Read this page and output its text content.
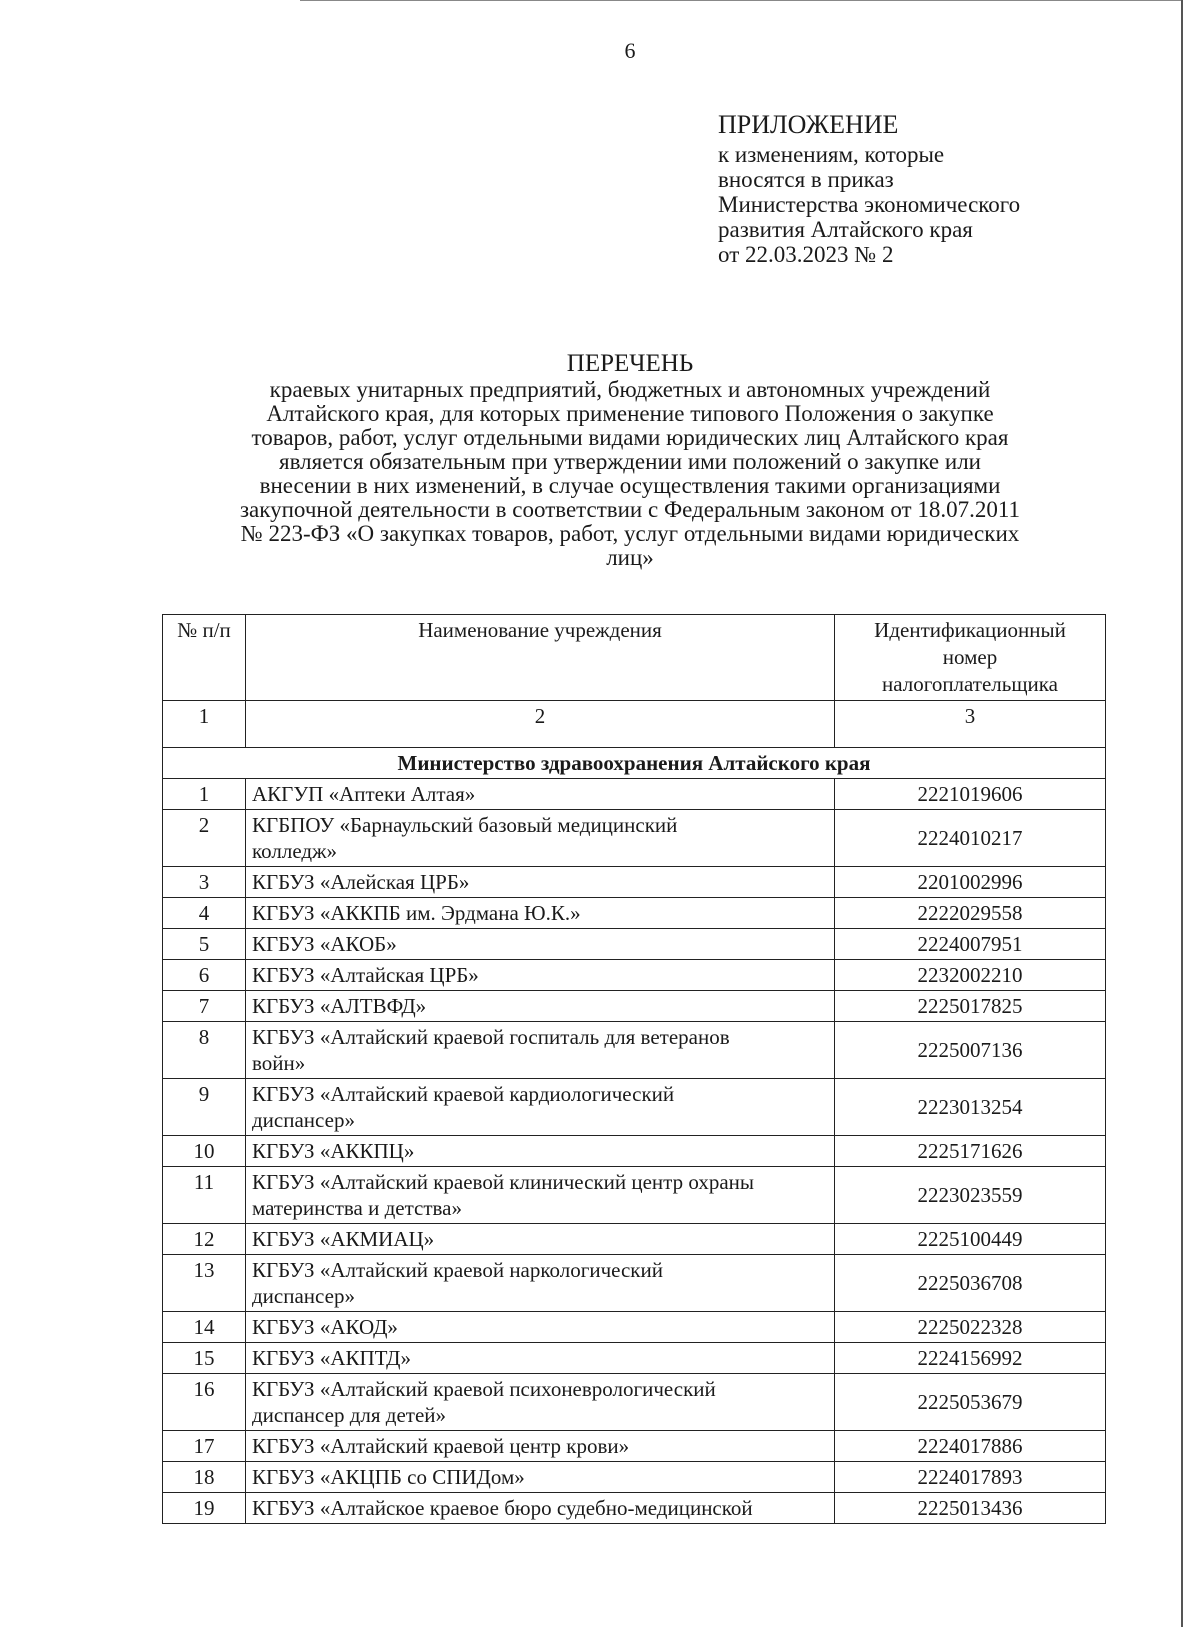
6
ПРИЛОЖЕНИЕ
к изменениям, которые
вносятся в приказ
Министерства экономического
развития Алтайского края
от 22.03.2023 № 2
ПЕРЕЧЕНЬ
краевых унитарных предприятий, бюджетных и автономных учреждений
Алтайского края, для которых применение типового Положения о закупке
товаров, работ, услуг отдельными видами юридических лиц Алтайского края
является обязательным при утверждении ими положений о закупке или
внесении в них изменений, в случае осуществления такими организациями
закупочной деятельности в соответствии с Федеральным законом от 18.07.2011
№ 223-ФЗ «О закупках товаров, работ, услуг отдельными видами юридических
лиц»
№ п/п	Наименование учреждения	Идентификационный
номер
налогоплательщика

1	2	3
Министерство здравоохранения Алтайского края		
1	АКГУП «Аптеки Алтая»	2221019606
2	КГБПОУ «Барнаульский базовый медицинский
колледж»	2224010217
3	КГБУЗ «Алейская ЦРБ»	2201002996
4	КГБУЗ «АККПБ им. Эрдмана Ю.К.»	2222029558
5	КГБУЗ «АКОБ»	2224007951
6	КГБУЗ «Алтайская ЦРБ»	2232002210
7	КГБУЗ «АЛТВФД»	2225017825
8	КГБУЗ «Алтайский краевой госпиталь для ветеранов
войн»	2225007136
9	КГБУЗ «Алтайский краевой кардиологический
диспансер»	2223013254
10	КГБУЗ «АККПЦ»	2225171626
11	КГБУЗ «Алтайский краевой клинический центр охраны
материнства и детства»	2223023559
12	КГБУЗ «АКМИАЦ»	2225100449
13	КГБУЗ «Алтайский краевой наркологический
диспансер»	2225036708
14	КГБУЗ «АКОД»	2225022328
15	КГБУЗ «АКПТД»	2224156992
16	КГБУЗ «Алтайский краевой психоневрологический
диспансер для детей»	2225053679
17	КГБУЗ «Алтайский краевой центр крови»	2224017886
18	КГБУЗ «АКЦПБ со СПИДом»	2224017893
19	КГБУЗ «Алтайское краевое бюро судебно-медицинской	2225013436
